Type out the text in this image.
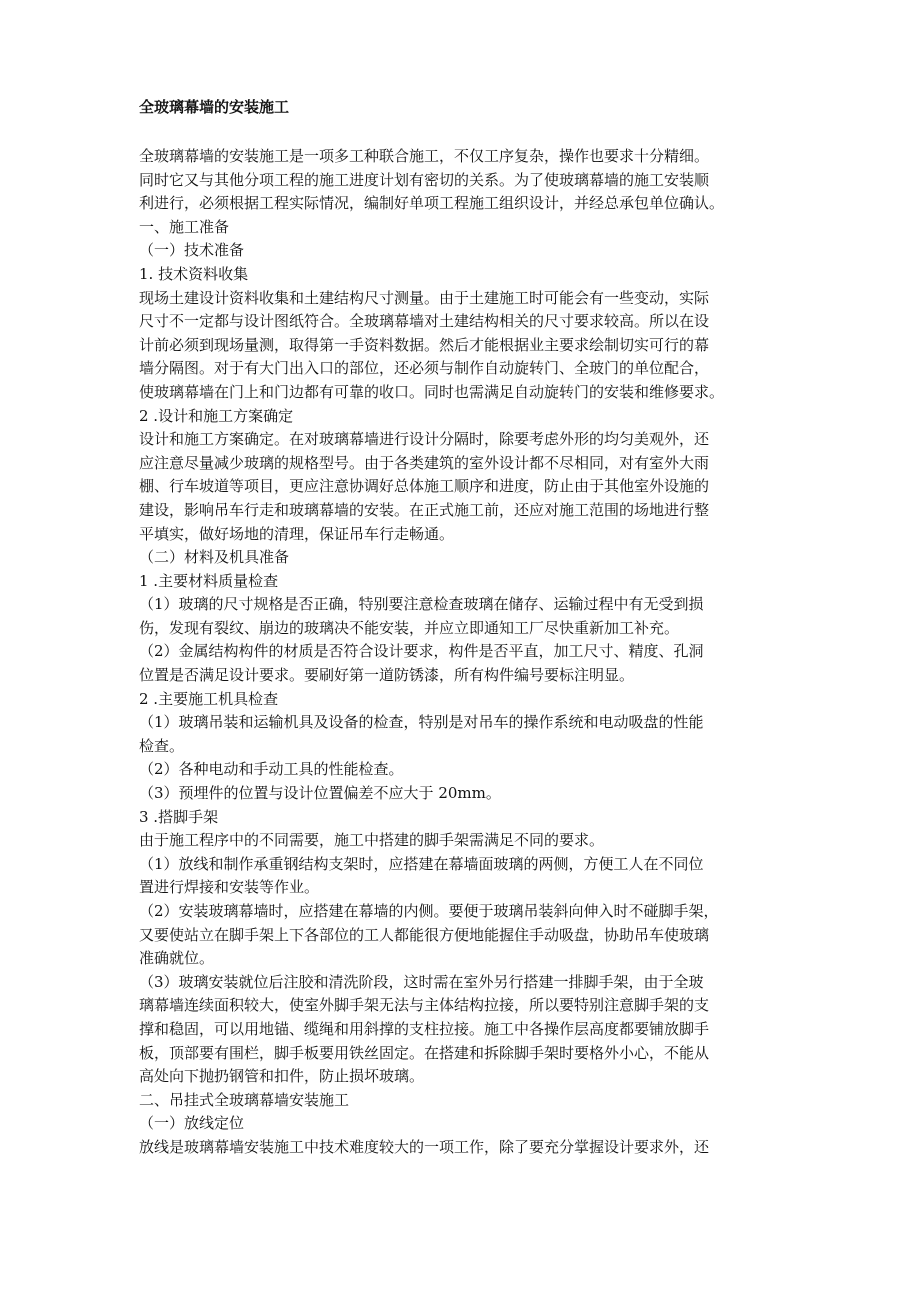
全玻璃幕墙的安装施工
全玻璃幕墙的安装施工是一项多工种联合施工，不仅工序复杂，操作也要求十分精细。
同时它又与其他分项工程的施工进度计划有密切的关系。为了使玻璃幕墙的施工安装顺
利进行，必须根据工程实际情况，编制好单项工程施工组织设计，并经总承包单位确认。
一、施工准备
（一）技术准备
1. 技术资料收集
现场土建设计资料收集和土建结构尺寸测量。由于土建施工时可能会有一些变动，实际
尺寸不一定都与设计图纸符合。全玻璃幕墙对土建结构相关的尺寸要求较高。所以在设
计前必须到现场量测，取得第一手资料数据。然后才能根据业主要求绘制切实可行的幕
墙分隔图。对于有大门出入口的部位，还必须与制作自动旋转门、全玻门的单位配合，
使玻璃幕墙在门上和门边都有可靠的收口。同时也需满足自动旋转门的安装和维修要求。
2 .设计和施工方案确定
设计和施工方案确定。在对玻璃幕墙进行设计分隔时，除要考虑外形的均匀美观外，还
应注意尽量减少玻璃的规格型号。由于各类建筑的室外设计都不尽相同，对有室外大雨
棚、行车坡道等项目，更应注意协调好总体施工顺序和进度，防止由于其他室外设施的
建设，影响吊车行走和玻璃幕墙的安装。在正式施工前，还应对施工范围的场地进行整
平填实，做好场地的清理，保证吊车行走畅通。
（二）材料及机具准备
1 .主要材料质量检查
（1）玻璃的尺寸规格是否正确，特别要注意检查玻璃在储存、运输过程中有无受到损
伤，发现有裂纹、崩边的玻璃决不能安装，并应立即通知工厂尽快重新加工补充。
（2）金属结构构件的材质是否符合设计要求，构件是否平直，加工尺寸、精度、孔洞
位置是否满足设计要求。要刷好第一道防锈漆，所有构件编号要标注明显。
2 .主要施工机具检查
（1）玻璃吊装和运输机具及设备的检查，特别是对吊车的操作系统和电动吸盘的性能
检查。
（2）各种电动和手动工具的性能检查。
（3）预埋件的位置与设计位置偏差不应大于 20mm。
3 .搭脚手架
由于施工程序中的不同需要，施工中搭建的脚手架需满足不同的要求。
（1）放线和制作承重钢结构支架时，应搭建在幕墙面玻璃的两侧，方便工人在不同位
置进行焊接和安装等作业。
（2）安装玻璃幕墙时，应搭建在幕墙的内侧。要便于玻璃吊装斜向伸入时不碰脚手架，
又要使站立在脚手架上下各部位的工人都能很方便地能握住手动吸盘，协助吊车使玻璃
准确就位。
（3）玻璃安装就位后注胶和清洗阶段，这时需在室外另行搭建一排脚手架，由于全玻
璃幕墙连续面积较大，使室外脚手架无法与主体结构拉接，所以要特别注意脚手架的支
撑和稳固，可以用地锚、缆绳和用斜撑的支柱拉接。施工中各操作层高度都要铺放脚手
板，顶部要有围栏，脚手板要用铁丝固定。在搭建和拆除脚手架时要格外小心，不能从
高处向下抛扔钢管和扣件，防止损坏玻璃。
二、吊挂式全玻璃幕墙安装施工
（一）放线定位
放线是玻璃幕墙安装施工中技术难度较大的一项工作，除了要充分掌握设计要求外，还
